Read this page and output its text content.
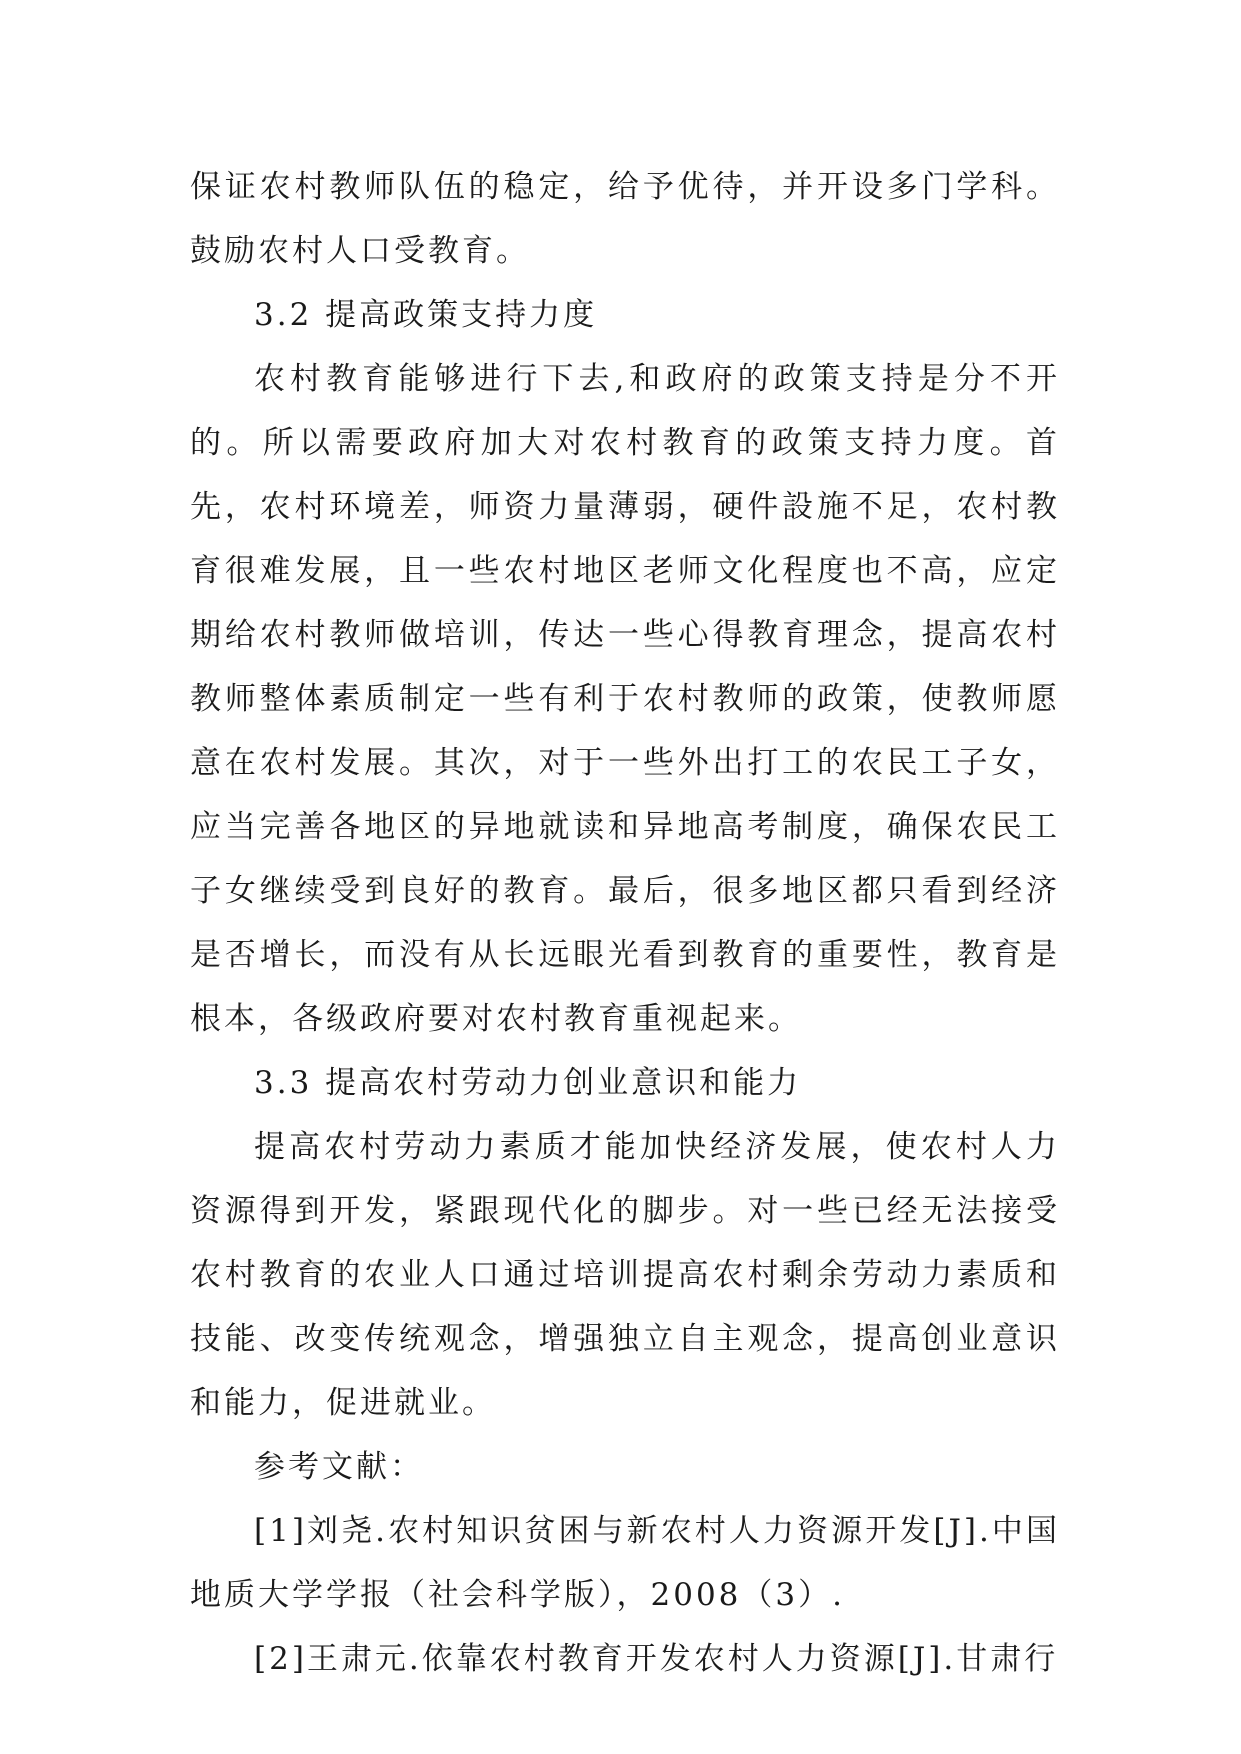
保证农村教师队伍的稳定，给予优待，并开设多门学科。鼓励农村人口受教育。

3.2 提高政策支持力度

农村教育能够进行下去,和政府的政策支持是分不开的。所以需要政府加大对农村教育的政策支持力度。首先，农村环境差，师资力量薄弱，硬件設施不足，农村教育很难发展，且一些农村地区老师文化程度也不高，应定期给农村教师做培训，传达一些心得教育理念，提高农村教师整体素质制定一些有利于农村教师的政策，使教师愿意在农村发展。其次，对于一些外出打工的农民工子女，应当完善各地区的异地就读和异地高考制度，确保农民工子女继续受到良好的教育。最后，很多地区都只看到经济是否增长，而没有从长远眼光看到教育的重要性，教育是根本，各级政府要对农村教育重视起来。

3.3 提高农村劳动力创业意识和能力

提高农村劳动力素质才能加快经济发展，使农村人力资源得到开发，紧跟现代化的脚步。对一些已经无法接受农村教育的农业人口通过培训提高农村剩余劳动力素质和技能、改变传统观念，增强独立自主观念，提高创业意识和能力，促进就业。

参考文献：

[1]刘尧.农村知识贫困与新农村人力资源开发[J].中国地质大学学报（社会科学版），2008（3）.

[2]王肃元.依靠农村教育开发农村人力资源[J].甘肃行
